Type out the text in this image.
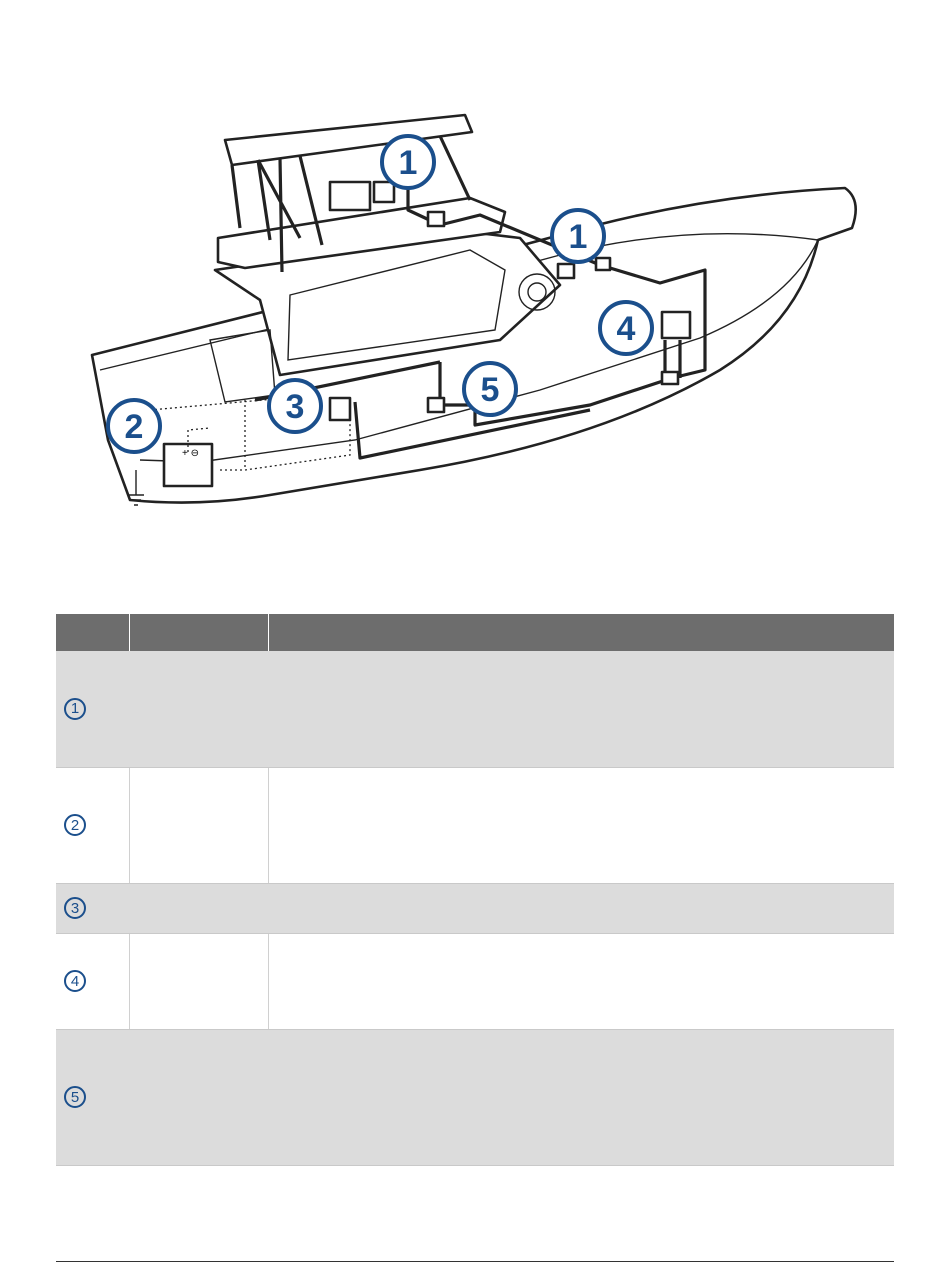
+ ⊖
1
1
2
3
4
5

1		
2		
3		
4		
5		
